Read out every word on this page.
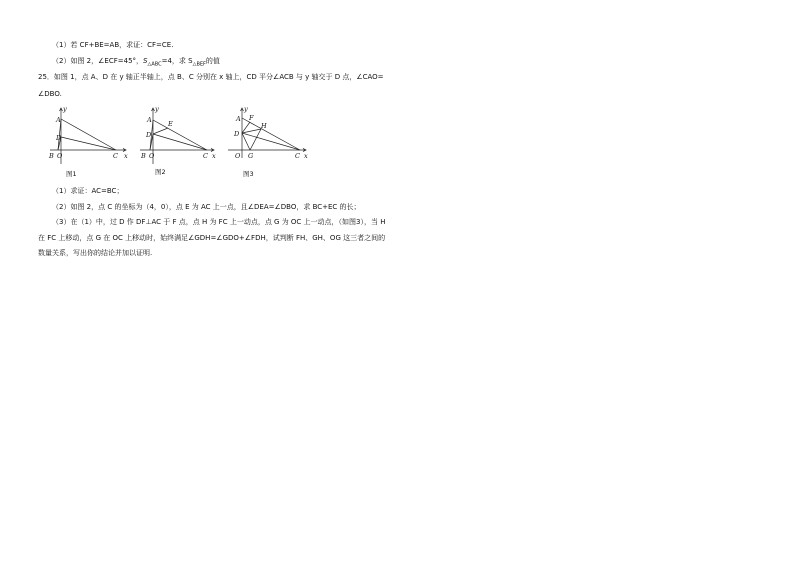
（1）若 CF+BE=AB，求证：CF=CE.
（2）如图 2，∠ECF=45°，$S_{\triangle ABC}=4$，求 $S_{\triangle BEF}$的值
25．如图 1，点 A、D 在 y 轴正半轴上，点 B、C 分别在 x 轴上，CD 平分∠ACB 与 y 轴交于 D 点，∠CAO=
∠DBO.
y
A
D
B O	C x
图1
y
A	E
D
B O	C x
图2
y
A F
H
D
O G	C x
图3
（1）求证：AC=BC；
（2）如图 2，点 C 的坐标为（4，0），点 E 为 AC 上一点，且∠DEA=∠DBO，求 BC+EC 的长；
（3）在（1）中，过 D 作 DF⊥AC 于 F 点，点 H 为 FC 上一动点，点 G 为 OC 上一动点，（如图3），当 H
在 FC 上移动，点 G 在 OC 上移动时，始终满足∠GDH=∠GDO+∠FDH，试判断 FH、GH、OG 这三者之间的
数量关系，写出你的结论并加以证明.
